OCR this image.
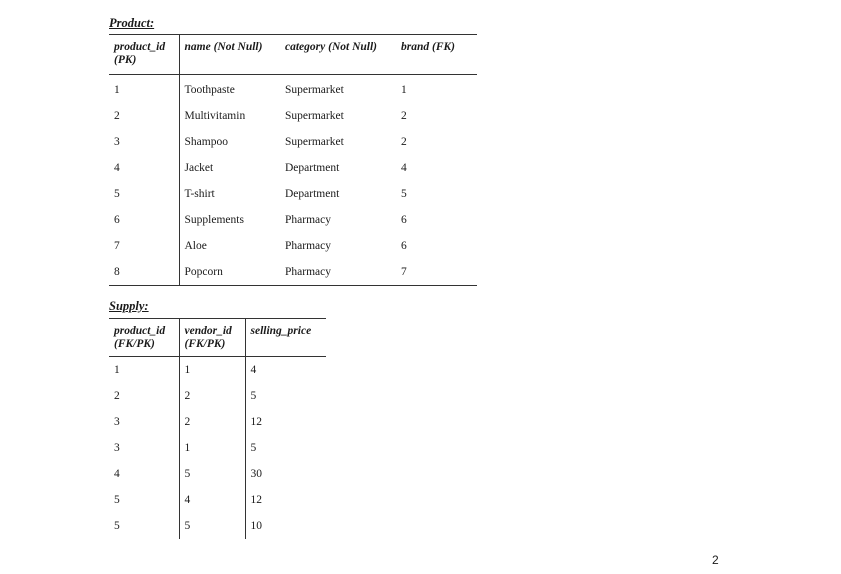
Product:
product_id (PK)	name (Not Null)	category (Not Null)	brand (FK)
1	Toothpaste	Supermarket	1
2	Multivitamin	Supermarket	2
3	Shampoo	Supermarket	2
4	Jacket	Department	4
5	T-shirt	Department	5
6	Supplements	Pharmacy	6
7	Aloe	Pharmacy	6
8	Popcorn	Pharmacy	7
Supply:
product_id (FK/PK)	vendor_id (FK/PK)	selling_price
1	1	4
2	2	5
3	2	12
3	1	5
4	5	30
5	4	12
5	5	10
2
